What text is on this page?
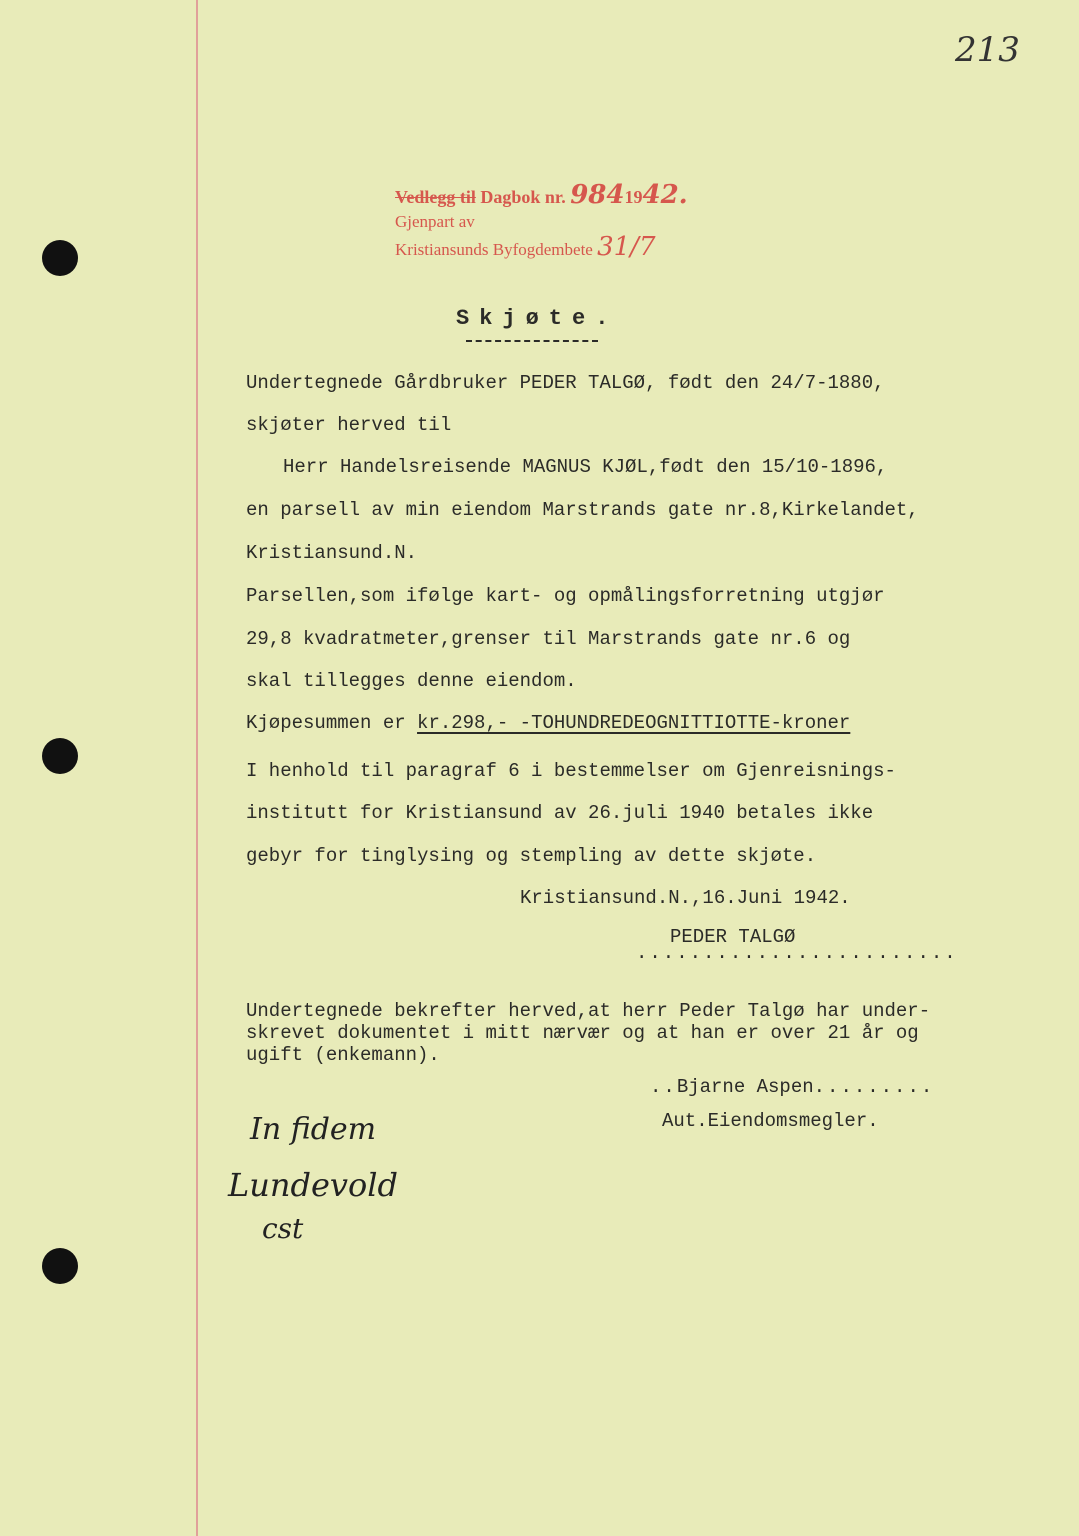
213
Vedlegg til Dagbok nr. 9841942.
Gjenpart av
Kristiansunds Byfogdembete 31/7
Skjøte.
Undertegnede Gårdbruker PEDER TALGØ, født den 24/7-1880,
skjøter herved til
Herr Handelsreisende MAGNUS KJØL,født den 15/10-1896,
en parsell av min eiendom Marstrands gate nr.8,Kirkelandet,
Kristiansund.N.
Parsellen,som ifølge kart- og opmålingsforretning utgjør
29,8 kvadratmeter,grenser til Marstrands gate nr.6 og
skal tillegges denne eiendom.
Kjøpesummen er kr.298,- -TOHUNDREDEOGNITTIOTTE-kroner
I henhold til paragraf 6 i bestemmelser om Gjenreisnings-
institutt for Kristiansund av 26.juli 1940 betales ikke
gebyr for tinglysing og stempling av dette skjøte.
Kristiansund.N.,16.Juni 1942.
PEDER TALGØ
........................
Undertegnede bekrefter herved,at herr Peder Talgø har under-
skrevet dokumentet i mitt nærvær og at han er over 21 år og
ugift (enkemann).
..Bjarne Aspen.........
Aut.Eiendomsmegler.
In fidem
Lundevold
cst
